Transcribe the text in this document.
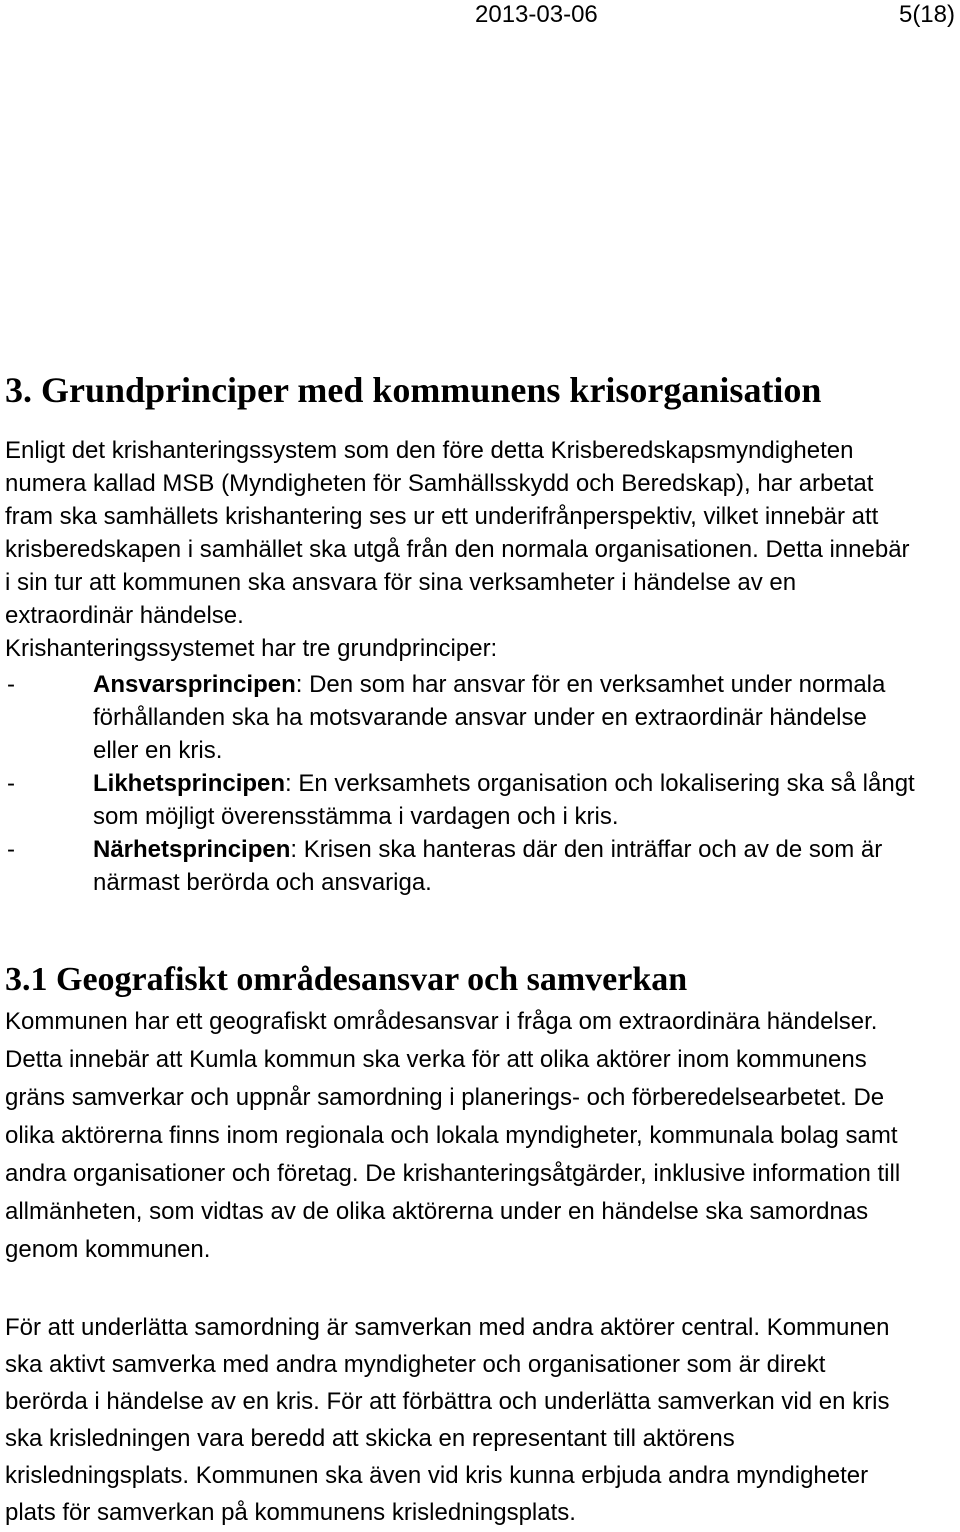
2013-03-06	5(18)
3. Grundprinciper med kommunens krisorganisation
Enligt det krishanteringssystem som den före detta Krisberedskapsmyndigheten
numera kallad MSB (Myndigheten för Samhällsskydd och Beredskap), har arbetat
fram ska samhällets krishantering ses ur ett underifrånperspektiv, vilket innebär att
krisberedskapen i samhället ska utgå från den normala organisationen. Detta innebär
i sin tur att kommunen ska ansvara för sina verksamheter i händelse av en
extraordinär händelse.
Krishanteringssystemet har tre grundprinciper:
-	Ansvarsprincipen: Den som har ansvar för en verksamhet under normala
förhållanden ska ha motsvarande ansvar under en extraordinär händelse
eller en kris.
-	Likhetsprincipen: En verksamhets organisation och lokalisering ska så långt
som möjligt överensstämma i vardagen och i kris.
-	Närhetsprincipen: Krisen ska hanteras där den inträffar och av de som är
närmast berörda och ansvariga.
3.1 Geografiskt områdesansvar och samverkan
Kommunen har ett geografiskt områdesansvar i fråga om extraordinära händelser.
Detta innebär att Kumla kommun ska verka för att olika aktörer inom kommunens
gräns samverkar och uppnår samordning i planerings- och förberedelsearbetet. De
olika aktörerna finns inom regionala och lokala myndigheter, kommunala bolag samt
andra organisationer och företag. De krishanteringsåtgärder, inklusive information till
allmänheten, som vidtas av de olika aktörerna under en händelse ska samordnas
genom kommunen.
För att underlätta samordning är samverkan med andra aktörer central. Kommunen
ska aktivt samverka med andra myndigheter och organisationer som är direkt
berörda i händelse av en kris. För att förbättra och underlätta samverkan vid en kris
ska krisledningen vara beredd att skicka en representant till aktörens
krisledningsplats. Kommunen ska även vid kris kunna erbjuda andra myndigheter
plats för samverkan på kommunens krisledningsplats.
